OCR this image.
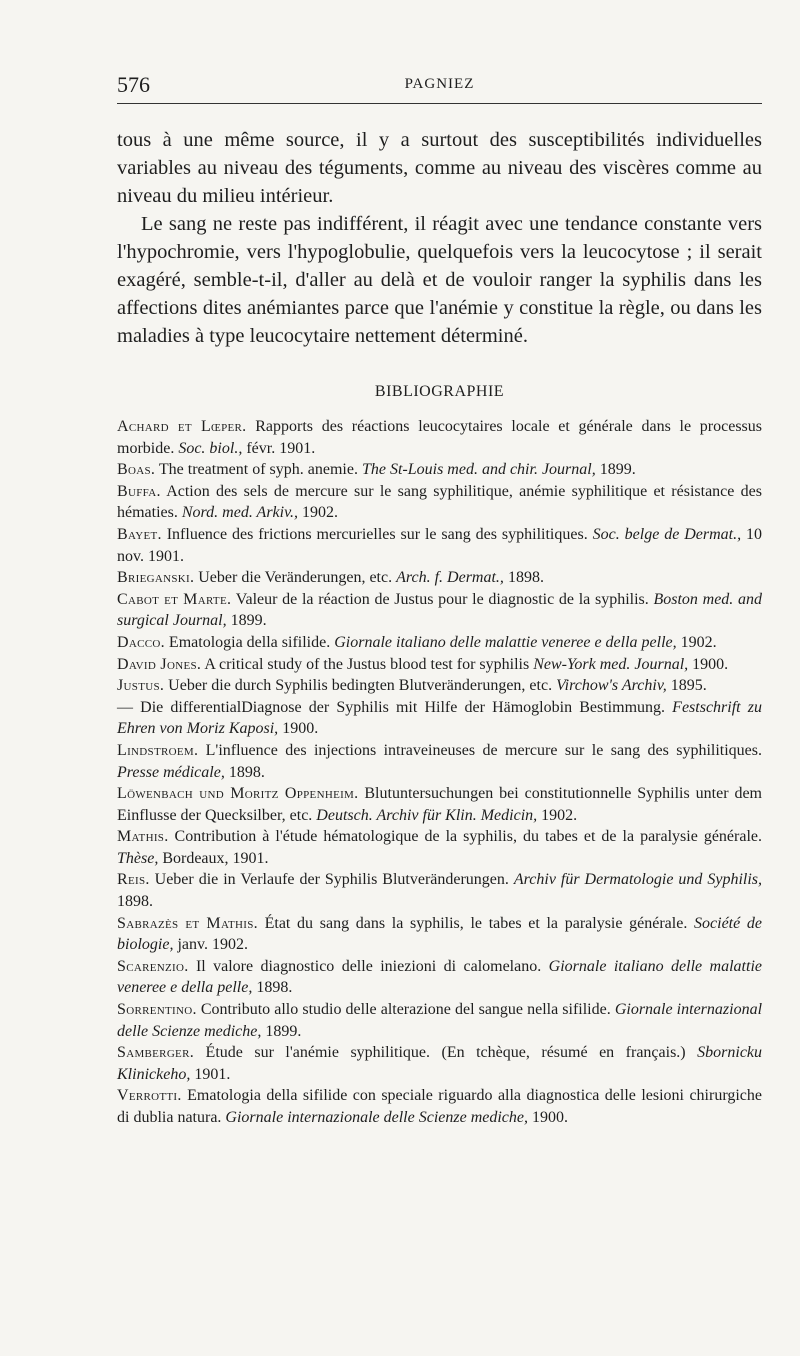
576	PAGNIEZ

tous à une même source, il y a surtout des susceptibilités individuelles variables au niveau des téguments, comme au niveau des viscères comme au niveau du milieu intérieur.

Le sang ne reste pas indifférent, il réagit avec une tendance constante vers l'hypochromie, vers l'hypoglobulie, quelquefois vers la leucocytose ; il serait exagéré, semble-t-il, d'aller au delà et de vouloir ranger la syphilis dans les affections dites anémiantes parce que l'anémie y constitue la règle, ou dans les maladies à type leucocytaire nettement déterminé.

BIBLIOGRAPHIE

Achard et Lœper. Rapports des réactions leucocytaires locale et générale dans le processus morbide. Soc. biol., févr. 1901.

Boas. The treatment of syph. anemie. The St-Louis med. and chir. Journal, 1899.

Buffa. Action des sels de mercure sur le sang syphilitique, anémie syphilitique et résistance des hématies. Nord. med. Arkiv., 1902.

Bayet. Influence des frictions mercurielles sur le sang des syphilitiques. Soc. belge de Dermat., 10 nov. 1901.

Brieganski. Ueber die Veränderungen, etc. Arch. f. Dermat., 1898.

Cabot et Marte. Valeur de la réaction de Justus pour le diagnostic de la syphilis. Boston med. and surgical Journal, 1899.

Dacco. Ematologia della sifilide. Giornale italiano delle malattie veneree e della pelle, 1902.

David Jones. A critical study of the Justus blood test for syphilis New-York med. Journal, 1900.

Justus. Ueber die durch Syphilis bedingten Blutveränderungen, etc. Virchow's Archiv, 1895.

— Die differentialDiagnose der Syphilis mit Hilfe der Hämoglobin Bestimmung. Festschrift zu Ehren von Moriz Kaposi, 1900.

Lindstroem. L'influence des injections intraveineuses de mercure sur le sang des syphilitiques. Presse médicale, 1898.

Löwenbach und Moritz Oppenheim. Blutuntersuchungen bei constitutionnelle Syphilis unter dem Einflusse der Quecksilber, etc. Deutsch. Archiv für Klin. Medicin, 1902.

Mathis. Contribution à l'étude hématologique de la syphilis, du tabes et de la paralysie générale. Thèse, Bordeaux, 1901.

Reis. Ueber die in Verlaufe der Syphilis Blutveränderungen. Archiv für Dermatologie und Syphilis, 1898.

Sabrazès et Mathis. État du sang dans la syphilis, le tabes et la paralysie générale. Société de biologie, janv. 1902.

Scarenzio. Il valore diagnostico delle iniezioni di calomelano. Giornale italiano delle malattie veneree e della pelle, 1898.

Sorrentino. Contributo allo studio delle alterazione del sangue nella sifilide. Giornale internazional delle Scienze mediche, 1899.

Samberger. Étude sur l'anémie syphilitique. (En tchèque, résumé en français.) Sbornicku Klinickeho, 1901.

Verrotti. Ematologia della sifilide con speciale riguardo alla diagnostica delle lesioni chirurgiche di dublia natura. Giornale internazionale delle Scienze mediche, 1900.
